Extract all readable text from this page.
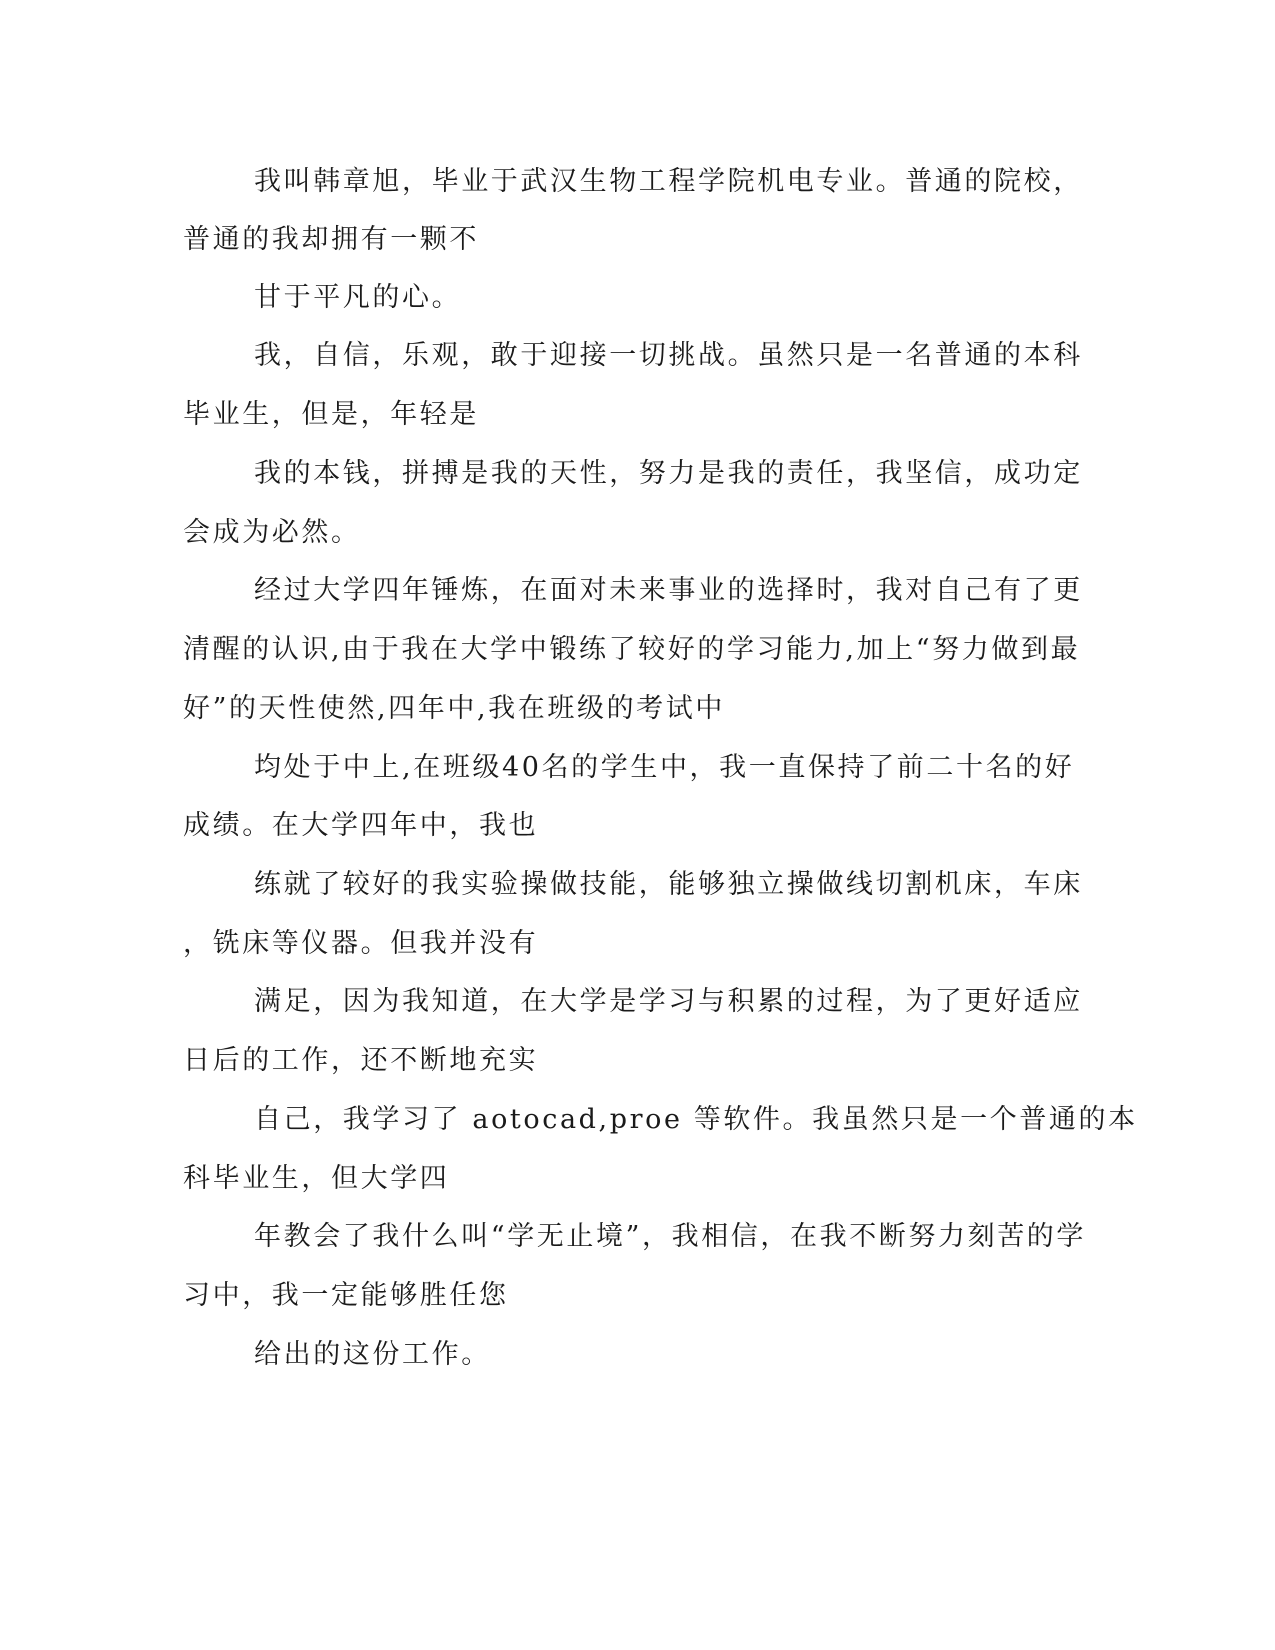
我叫韩章旭，毕业于武汉生物工程学院机电专业。普通的院校，
普通的我却拥有一颗不
甘于平凡的心。
我，自信，乐观，敢于迎接一切挑战。虽然只是一名普通的本科
毕业生，但是，年轻是
我的本钱，拼搏是我的天性，努力是我的责任，我坚信，成功定
会成为必然。
经过大学四年锤炼，在面对未来事业的选择时，我对自己有了更
清醒的认识,由于我在大学中锻练了较好的学习能力,加上“努力做到最
好”的天性使然,四年中,我在班级的考试中
均处于中上,在班级40名的学生中，我一直保持了前二十名的好
成绩。在大学四年中，我也
练就了较好的我实验操做技能，能够独立操做线切割机床，车床
，铣床等仪器。但我并没有
满足，因为我知道，在大学是学习与积累的过程，为了更好适应
日后的工作，还不断地充实
自己，我学习了 aotocad,proe 等软件。我虽然只是一个普通的本
科毕业生，但大学四
年教会了我什么叫“学无止境”，我相信，在我不断努力刻苦的学
习中，我一定能够胜任您
给出的这份工作。
